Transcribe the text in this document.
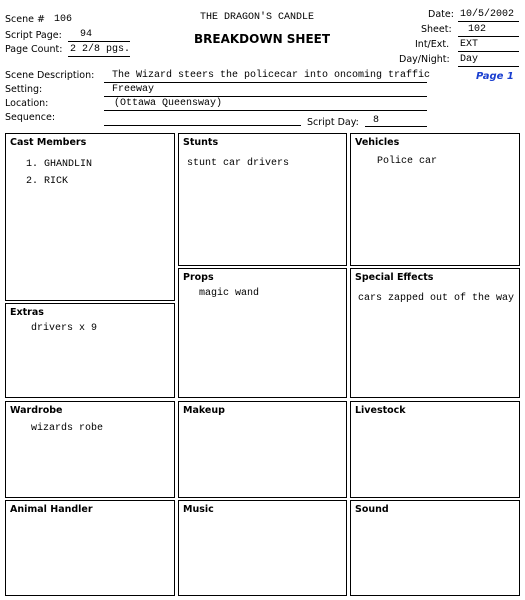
Scene # 106
Script Page: 94
Page Count: 2 2/8 pgs.
THE DRAGON'S CANDLE
BREAKDOWN SHEET
Date: 10/5/2002
Sheet: 102
Int/Ext. EXT
Day/Night: Day
Page 1
Scene Description: The Wizard steers the policecar into oncoming traffic
Setting:	Freeway
Location:	(Ottawa Queensway)
Sequence:	Script Day: 8
Cast Members
1. GHANDLIN
2. RICK
Extras
drivers x 9
Wardrobe
wizards robe
Animal Handler
Stunts
stunt car drivers
Props
magic wand
Makeup
Music
Vehicles
Police car
Special Effects
cars zapped out of the way
Livestock
Sound
